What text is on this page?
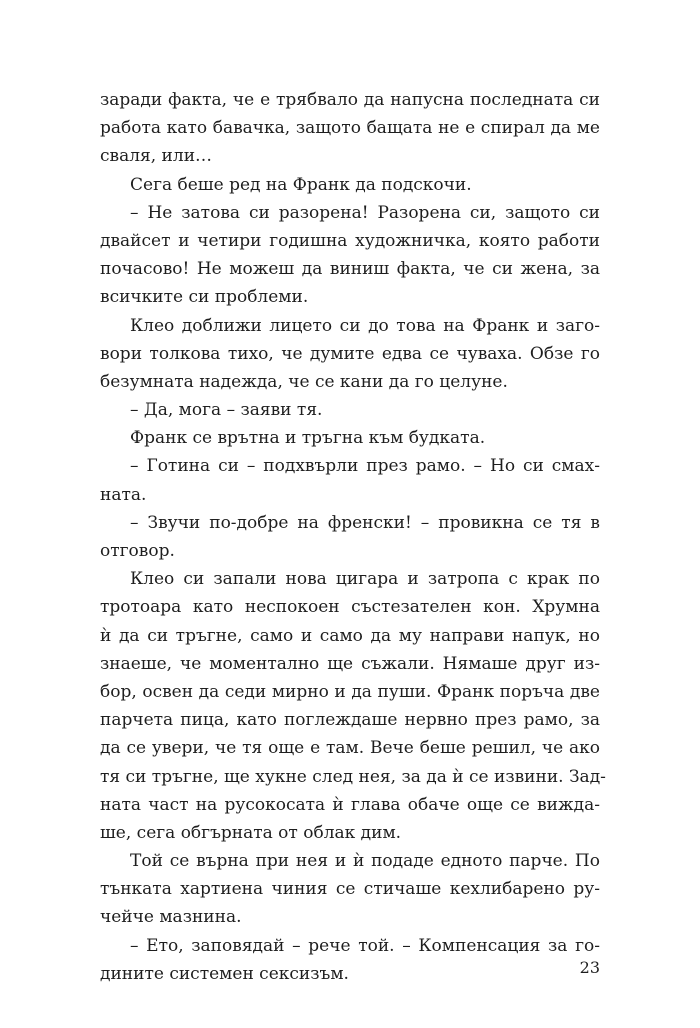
заради факта, че е трябвало да напусна последната си
работа като бавачка, защото бащата не е спирал да ме
сваля, или…
Сега беше ред на Франк да подскочи.
– Не затова си разорена! Разорена си, защото си
двайсет и четири годишна художничка, която работи
почасово! Не можеш да виниш факта, че си жена, за
всичките си проблеми.
Клео доближи лицето си до това на Франк и заго-
вори толкова тихо, че думите едва се чуваха. Обзе го
безумната надежда, че се кани да го целуне.
– Да, мога – заяви тя.
Франк се врътна и тръгна към будката.
– Готина си – подхвърли през рамо. – Но си смах-
ната.
– Звучи по-добре на френски! – провикна се тя в
отговор.
Клео си запали нова цигара и затропа с крак по
тротоара като неспокоен състезателен кон. Хрумна
ѝ да си тръгне, само и само да му направи напук, но
знаеше, че моментално ще съжали. Нямаше друг из-
бор, освен да седи мирно и да пуши. Франк поръча две
парчета пица, като поглеждаше нервно през рамо, за
да се увери, че тя още е там. Вече беше решил, че ако
тя си тръгне, ще хукне след нея, за да ѝ се извини. Зад-
ната част на русокосата ѝ глава обаче още се вижда-
ше, сега обгърната от облак дим.
Той се върна при нея и ѝ подаде едното парче. По
тънката хартиена чиния се стичаше кехлибарено ру-
чейче мазнина.
– Ето, заповядай – рече той. – Компенсация за го-
дините системен сексизъм.	23
